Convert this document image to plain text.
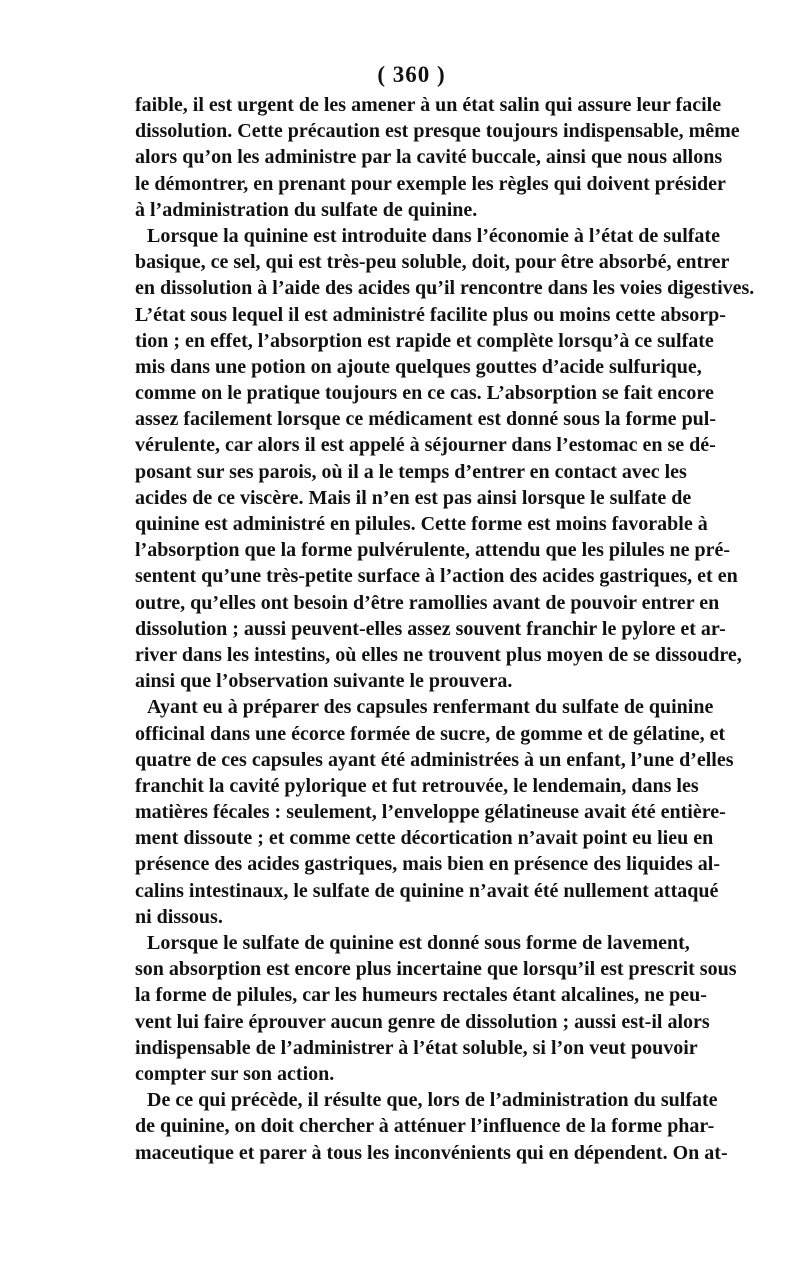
( 360 )
faible, il est urgent de les amener à un état salin qui assure leur facile
dissolution. Cette précaution est presque toujours indispensable, même
alors qu’on les administre par la cavité buccale, ainsi que nous allons
le démontrer, en prenant pour exemple les règles qui doivent présider
à l’administration du sulfate de quinine.
Lorsque la quinine est introduite dans l’économie à l’état de sulfate
basique, ce sel, qui est très-peu soluble, doit, pour être absorbé, entrer
en dissolution à l’aide des acides qu’il rencontre dans les voies digestives.
L’état sous lequel il est administré facilite plus ou moins cette absorp-
tion ; en effet, l’absorption est rapide et complète lorsqu’à ce sulfate
mis dans une potion on ajoute quelques gouttes d’acide sulfurique,
comme on le pratique toujours en ce cas. L’absorption se fait encore
assez facilement lorsque ce médicament est donné sous la forme pul-
vérulente, car alors il est appelé à séjourner dans l’estomac en se dé-
posant sur ses parois, où il a le temps d’entrer en contact avec les
acides de ce viscère. Mais il n’en est pas ainsi lorsque le sulfate de
quinine est administré en pilules. Cette forme est moins favorable à
l’absorption que la forme pulvérulente, attendu que les pilules ne pré-
sentent qu’une très-petite surface à l’action des acides gastriques, et en
outre, qu’elles ont besoin d’être ramollies avant de pouvoir entrer en
dissolution ; aussi peuvent-elles assez souvent franchir le pylore et ar-
river dans les intestins, où elles ne trouvent plus moyen de se dissoudre,
ainsi que l’observation suivante le prouvera.
Ayant eu à préparer des capsules renfermant du sulfate de quinine
officinal dans une écorce formée de sucre, de gomme et de gélatine, et
quatre de ces capsules ayant été administrées à un enfant, l’une d’elles
franchit la cavité pylorique et fut retrouvée, le lendemain, dans les
matières fécales : seulement, l’enveloppe gélatineuse avait été entière-
ment dissoute ; et comme cette décortication n’avait point eu lieu en
présence des acides gastriques, mais bien en présence des liquides al-
calins intestinaux, le sulfate de quinine n’avait été nullement attaqué
ni dissous.
Lorsque le sulfate de quinine est donné sous forme de lavement,
son absorption est encore plus incertaine que lorsqu’il est prescrit sous
la forme de pilules, car les humeurs rectales étant alcalines, ne peu-
vent lui faire éprouver aucun genre de dissolution ; aussi est-il alors
indispensable de l’administrer à l’état soluble, si l’on veut pouvoir
compter sur son action.
De ce qui précède, il résulte que, lors de l’administration du sulfate
de quinine, on doit chercher à atténuer l’influence de la forme phar-
maceutique et parer à tous les inconvénients qui en dépendent. On at-
